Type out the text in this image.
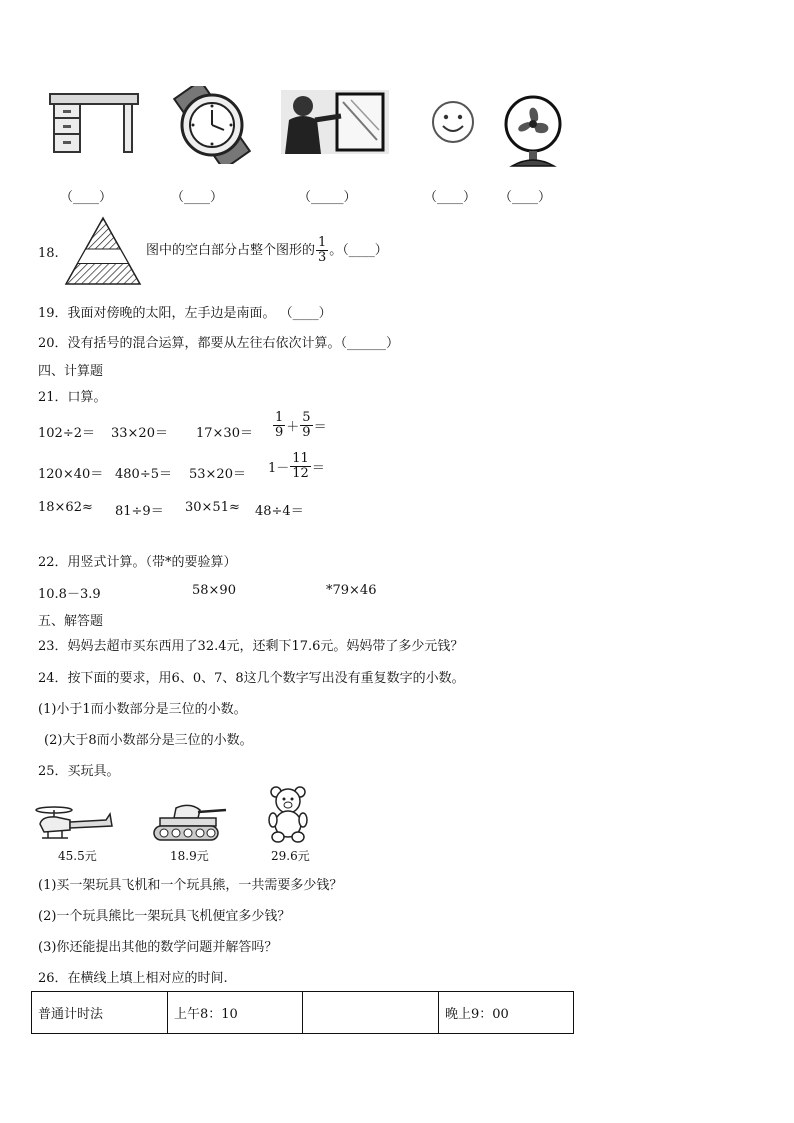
（____）	（____）	（_____）	（____） （____）
18.	图中的空白部分占整个图形的 $\frac{1}{3}$ 。（____）
19．我面对傍晚的太阳，左手边是南面。 （____）
20．没有括号的混合运算，都要从左往右依次计算。（______）
四、计算题
21．口算。
$102\div 2= 33\times 20= 17\times 30= \frac{1}{9} + \frac{5}{9}$ ＝
$120\times 40= 480\div 5= 53\times 20= 1- \frac{11}{12}$ ＝
18×62≈ 81÷9＝ 30×51≈ 48÷4＝
22．用竖式计算。（带*的要验算）
10.8－3.9	58×90	*79×46
五、解答题
23．妈妈去超市买东西用了32.4元，还剩下17.6元。妈妈带了多少元钱？
24．按下面的要求，用6、0、7、8这几个数字写出没有重复数字的小数。
(1)小于1而小数部分是三位的小数。
(2)大于8而小数部分是三位的小数。
25．买玩具。
45.5元	18.9元	29.6元
(1)买一架玩具飞机和一个玩具熊，一共需要多少钱？
(2)一个玩具熊比一架玩具飞机便宜多少钱？
(3)你还能提出其他的数学问题并解答吗？
26．在横线上填上相对应的时间.
普通计时法	上午8：10		晚上9：00
